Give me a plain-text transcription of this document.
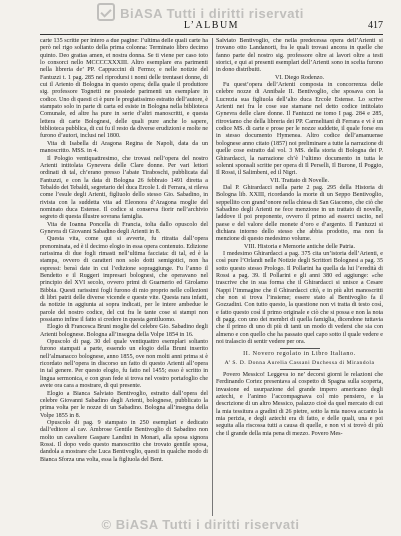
BiASA Tutti i diritti riservati
L’ALBUM	417

carte 135 scritte per intero a due pagine: l’ultima delle quali carte ha però nel rigo soltanto della prima colonna: Terminato libro decimo quinto. Deo gratias amen, et nostra donna. Se ti viene per caso toto lo consorci nello MCCCCXXXIII. Altro esemplare era parimenti nella libreria de’ PP. Cappuccini di Fermo; e nelle notizie del Fantuzzi t. 1 pag. 285 nel riprodursi i nomi delle trentasei donne, di cui il Ariento di Bologna in questo opera; della quale il produttore sig. professore Tognetti ne possiede parimenti un esemplare in codice. Uno di questi ci è pure le pregiatissimo estratto dell’autore, è stampato solo in parte di carta ed esiste in Bologna nella biblioteca Comunale, ed altre ha pure in serie d’altri manoscritti, e questa lettera di carte Bolognesi, delle quali pure anche lo sapere, biblioteca pubblica, di cui fu il resto da diverse erudizioni e molte ne furono d’autori, inclusi nel 1800.

Vita di Isabella di Aragona Regina de Napoli, data da un manoscritto. MSS. in 4.

Il Pologio ventiquattresimo, che trovasi nell’opera del nostro Arienti intitolata Gynevera delle Clare donne. Per vari lettori ordinati di tal, ch’erano presso l’abate Tiraboschi, pubblicata dal Fantuzzi, e con la data di Bologna 26 febbraio 1491 diretta a Tebaldo dei Tebaldi, segretario del duca Ercole I. di Ferrara, si rileva come l’esule degli Arienti, figliuolo dello stesso Gio. Sabadino, in rivista con la suddetta vita ad Eleonora d’Aragona moglie del nominato duca Estense. Il codice si conserva fiorir nell’archivio segreto di questa illustre sovrana famiglia.

Vita de Ioanna Poncella di Francia, tolta dallo opuscolo del Gynevra di Giovanni Sabadino degli Arienti in 8.

Questa vita, come qui si avverte, fu ritratta dall’opera prenominata, ed è il decimo elogio in essa opera contenuto. Edizione rarissima di due fogli rimasti nell’ultima facciata: di tal, ed è la stampa, ovvero di caratteri non solo dotti semigotici, non ha espressi: bensì date in cui l’edizione sopraggiunge. Fu l’anno il Bendetto e il Ruggeri impresari bolognesi, che operavano nel principio del XVI secolo, ovvero primi di Guarnerio ed Girolamo Bibbia. Questi rarissimi fogli furono di mio proprio nelle collezioni di libri patrii delle diverse vicende e queste vite. Questa rara infatti, da notizie in aggiunta ai sopra indicati, per le intere ambedue le parole del nostro codice, del cui fra le tante cose si stampi non possiamo infine il fatto si credere in questa gentiluomo.

Elogio di Francesca Bruni moglie del celebre Gio. Sabadino degli Arienti bolognese. Bologna all’insegna della Volpe 1854 in 16.

Opuscolo di pag. 30 del quale ventiquattro esemplari soltanto furono stampati a parte, essendo un elogio della Bruni inserito nell’almanacco bolognese, anno 1855, ove non molti anni prima si è ricordato nell’opera in discorso un fatto di questo Arienti all’opera in tal genere. Per questo elogio, fu fatto nel 1455; esso è scritto in lingua sermonica, e con gran fede si trova nel vostro portafoglio che avete ora cara a mostrare, di qui presente.

Elogio a Bianca Salviato Bentivoglio, estratto dall’opera del celebre Giovanni Sabadino degli Arienti, bolognese, pubblicato la prima volta per le nozze di un Sabadino. Bologna all’insegna della Volpe 1855 in 8.

Opuscolo di pag. 9 stampato in 250 esemplari e dedicato dall’editore al cav. Ambrose Gentile Bentivoglio di Sabadino non molto un cavaliere Gaspare Landini in Monari, alla sposa signora Rossi. Il dopo vedo questo manoscritto che trovato gentile sposa, dandola a mostrare che Luca Bentivoglio, questi in qualche modo di Bianca Sforza una volta, essa la figliuola del Bent.

Salviato Bentivoglio, che nella predecessa opera dell’Arienti si trovano otto Landanorti, fra le quali trovasi ancora in quelle che fanno parte del nostro sig. professore oltre ai lavori oltre a testi storici, e qui ai presenti esemplari dell’Arienti sono in scelta furono in dono distribuiti.

VI. Diego Rodenzo.

Fu quest’opera dell’Arienti composta in concorrenza delle celebre nozze di Annibale II. Bentivoglio, che sposava con la Lucrezia sua figliuola dell’alto duca Ercole Estense. Lo scrive Arienti nei fra le cose sue stamane nel detto codice intitolato Gynevra delle clare donne. Il Fantuzzi ne tomo I pag. 284 e 285, ritroviamo che della libreria dei PP. Carmelitani di Ferrara e vi è un codice MS. di carte e prose per le nozze suddette, il quale forse era in stesso documento Hymenea. Altro codice dell’amanuense bolognese anno citato (1857) noi preliminare a tutte la narrazione di quelle cose estratto dal vol. 3 MS. della storia di Bologna dei P. Ghirardacci, la narrazione ch’è l’ultimo documento in tutta le solenni sponsali scritte per opera di Il Perselli, Il Burone, Il Poggio, Il Rossi, il Salimbeni, ed il Nigri.

VII. Trattato di Novelle.

Dal P. Ghirardacci nella parte 2 pag. 295 della Historia di Bologna lib. XXIII, ricordando la morte di un Seppo Bentivoglio, seppellito con grand’onore nella chiesa di San Giacomo, che ciò che Sabadino degli Arienti ne fece menzione in un trattato di novelle, laddove il poi preponente, ovvero il primo ad esserci uscito, nel paese e del valore delle monete d’oro e d’argento. Il Fantuzzi si dichiara intorno dello stesso che abbia prodotto, ma non fa menzione di questo medesimo volume.

VIII. Historia e Memorie antiche delle Patria.

I medesimo Ghirardacci a pag. 375 cita un’istoria dell’Arienti, e così pure l’Orlandi nelle Notizie degli Scrittori Bolognesi a pag. 35 sotto questo stesso Prologo. Il Pollarini ha quella da lui l’eredità di Rossi a pag. 39. Il Pollarini e gli anni 380 ed aggiunge: «che trascrive che in sua forma che il Ghirardacci si unisce a Cesare Nappi l’immagine che il Ghirardacci citò, e in più altri manoscritti che non si trova l’insieme; essere stato al Bentivoglio fa il Gozzadini. Con tutto questo, la questione non vi tratta di testo così, e fatto questo così il primo originale e ciò che si possa e non la nota di pagg. con uno dei membri di quella famiglia, dicendone tuttavia che il primo di uno di più di tanti un modo di vedersi che sia con almeno e con quello che ha passato quel capo sotto il quale vedere e noi tralascio di sentir vedere per ora.

II. Novero regolato in Libro Italiano.

A’ S. D. Donna Aurelia Cassani Duchessa di Mirandola

Povero Messico! Leggeva io ne’ decorsi giorni le relazioni che Ferdinando Cortez presentava al cospetto di Spagna sulla scoperta, invasione ed usurpazione del grande impero americano degli aztechi, e l’animo l’accompagnava col mio pensiero, e la descrizione di un altro Messico, palazzo cioè da quel mercato di cui la mia tessitura a gradini di 26 pietre, sotto la mia nuova accanto la mia perizia, e degli aztechi era di fatto, e delle quali, una e poi seguita alla riscossa tutti a causa di quelle, e non vi si trovò di più che il grande della mia pena di mezzo. Povero Mes-

© BiASA Tutti i diritti riservati
